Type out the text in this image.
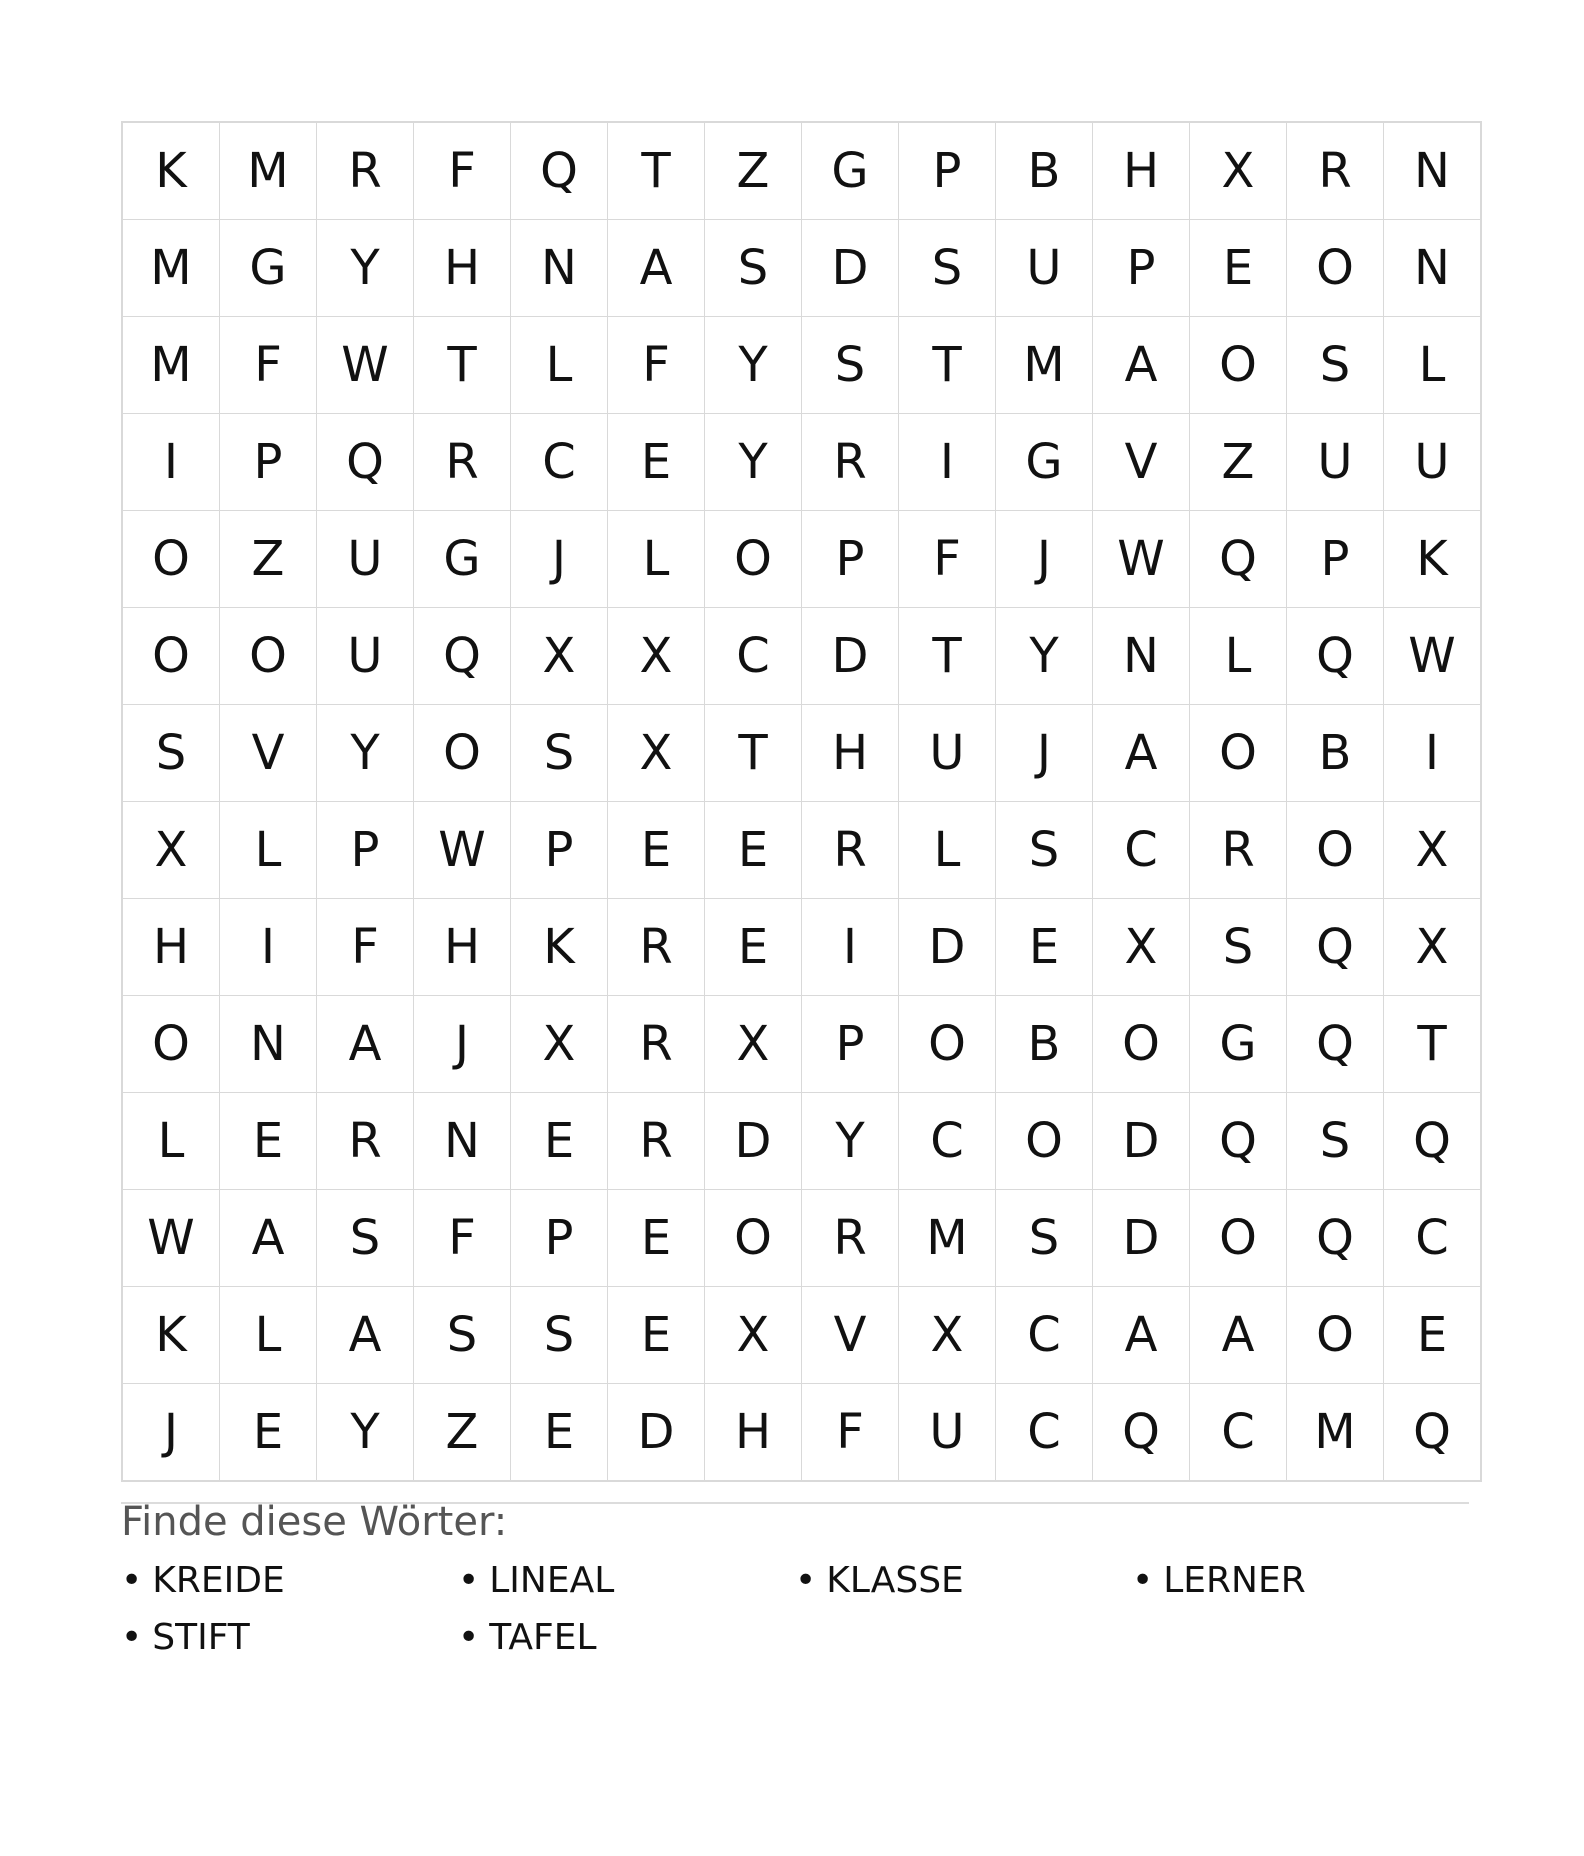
K	M	R	F	Q	T	Z	G	P	B	H	X	R	N
M	G	Y	H	N	A	S	D	S	U	P	E	O	N
M	F	W	T	L	F	Y	S	T	M	A	O	S	L
I	P	Q	R	C	E	Y	R	I	G	V	Z	U	U
O	Z	U	G	J	L	O	P	F	J	W	Q	P	K
O	O	U	Q	X	X	C	D	T	Y	N	L	Q	W
S	V	Y	O	S	X	T	H	U	J	A	O	B	I
X	L	P	W	P	E	E	R	L	S	C	R	O	X
H	I	F	H	K	R	E	I	D	E	X	S	Q	X
O	N	A	J	X	R	X	P	O	B	O	G	Q	T
L	E	R	N	E	R	D	Y	C	O	D	Q	S	Q
W	A	S	F	P	E	O	R	M	S	D	O	Q	C
K	L	A	S	S	E	X	V	X	C	A	A	O	E
J	E	Y	Z	E	D	H	F	U	C	Q	C	M	Q
Finde diese Wörter:
• KREIDE	• LINEAL	• KLASSE	• LERNER
• STIFT	• TAFEL
